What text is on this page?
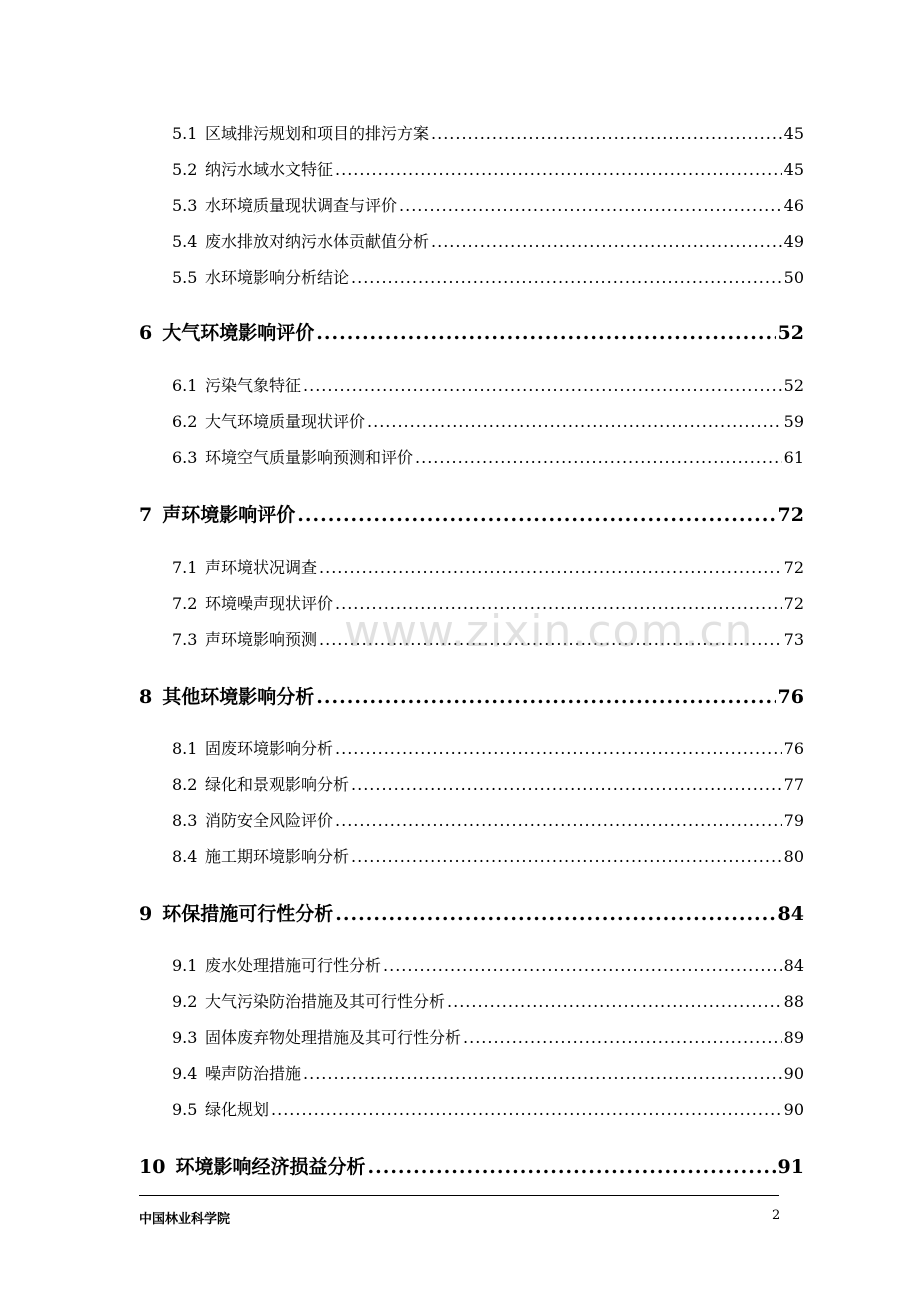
5.1 区域排污规划和项目的排污方案 .....	45
5.2 纳污水域水文特征 .....	45
5.3 水环境质量现状调查与评价 .....	46
5.4 废水排放对纳污水体贡献值分析 .....	49
5.5 水环境影响分析结论 .....	50
6 大气环境影响评价 .....	52
6.1 污染气象特征 .....	52
6.2 大气环境质量现状评价 .....	59
6.3 环境空气质量影响预测和评价 .....	61
7 声环境影响评价 .....	72
7.1 声环境状况调查 .....	72
7.2 环境噪声现状评价 .....	72
7.3 声环境影响预测 .....	73
8 其他环境影响分析 .....	76
8.1 固废环境影响分析 .....	76
8.2 绿化和景观影响分析 .....	77
8.3 消防安全风险评价 .....	79
8.4 施工期环境影响分析 .....	80
9 环保措施可行性分析 .....	84
9.1 废水处理措施可行性分析 .....	84
9.2 大气污染防治措施及其可行性分析 .....	88
9.3 固体废弃物处理措施及其可行性分析 .....	89
9.4 噪声防治措施 .....	90
9.5 绿化规划 .....	90
10 环境影响经济损益分析 .....	91
www.zixin.com.cn
中国林业科学院	2
